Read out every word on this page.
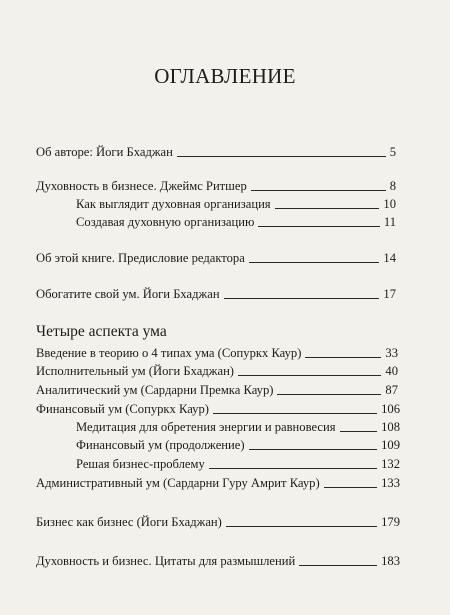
ОГЛАВЛЕНИЕ
Об авторе: Йоги Бхаджан	5
Духовность в бизнесе. Джеймс Ритшер	8
Как выглядит духовная организация	10
Создавая духовную организацию	11
Об этой книге. Предисловие редактора	14
Обогатите свой ум. Йоги Бхаджан	17
Четыре аспекта ума
Введение в теорию о 4 типах ума (Сопуркх Каур)	33
Исполнительный ум (Йоги Бхаджан)	40
Аналитический ум (Сардарни Премка Каур)	87
Финансовый ум (Сопуркх Каур)	106
Медитация для обретения энергии и равновесия	108
Финансовый ум (продолжение)	109
Решая бизнес-проблему	132
Административный ум (Сардарни Гуру Амрит Каур)	133
Бизнес как бизнес (Йоги Бхаджан)	179
Духовность и бизнес. Цитаты для размышлений	183
